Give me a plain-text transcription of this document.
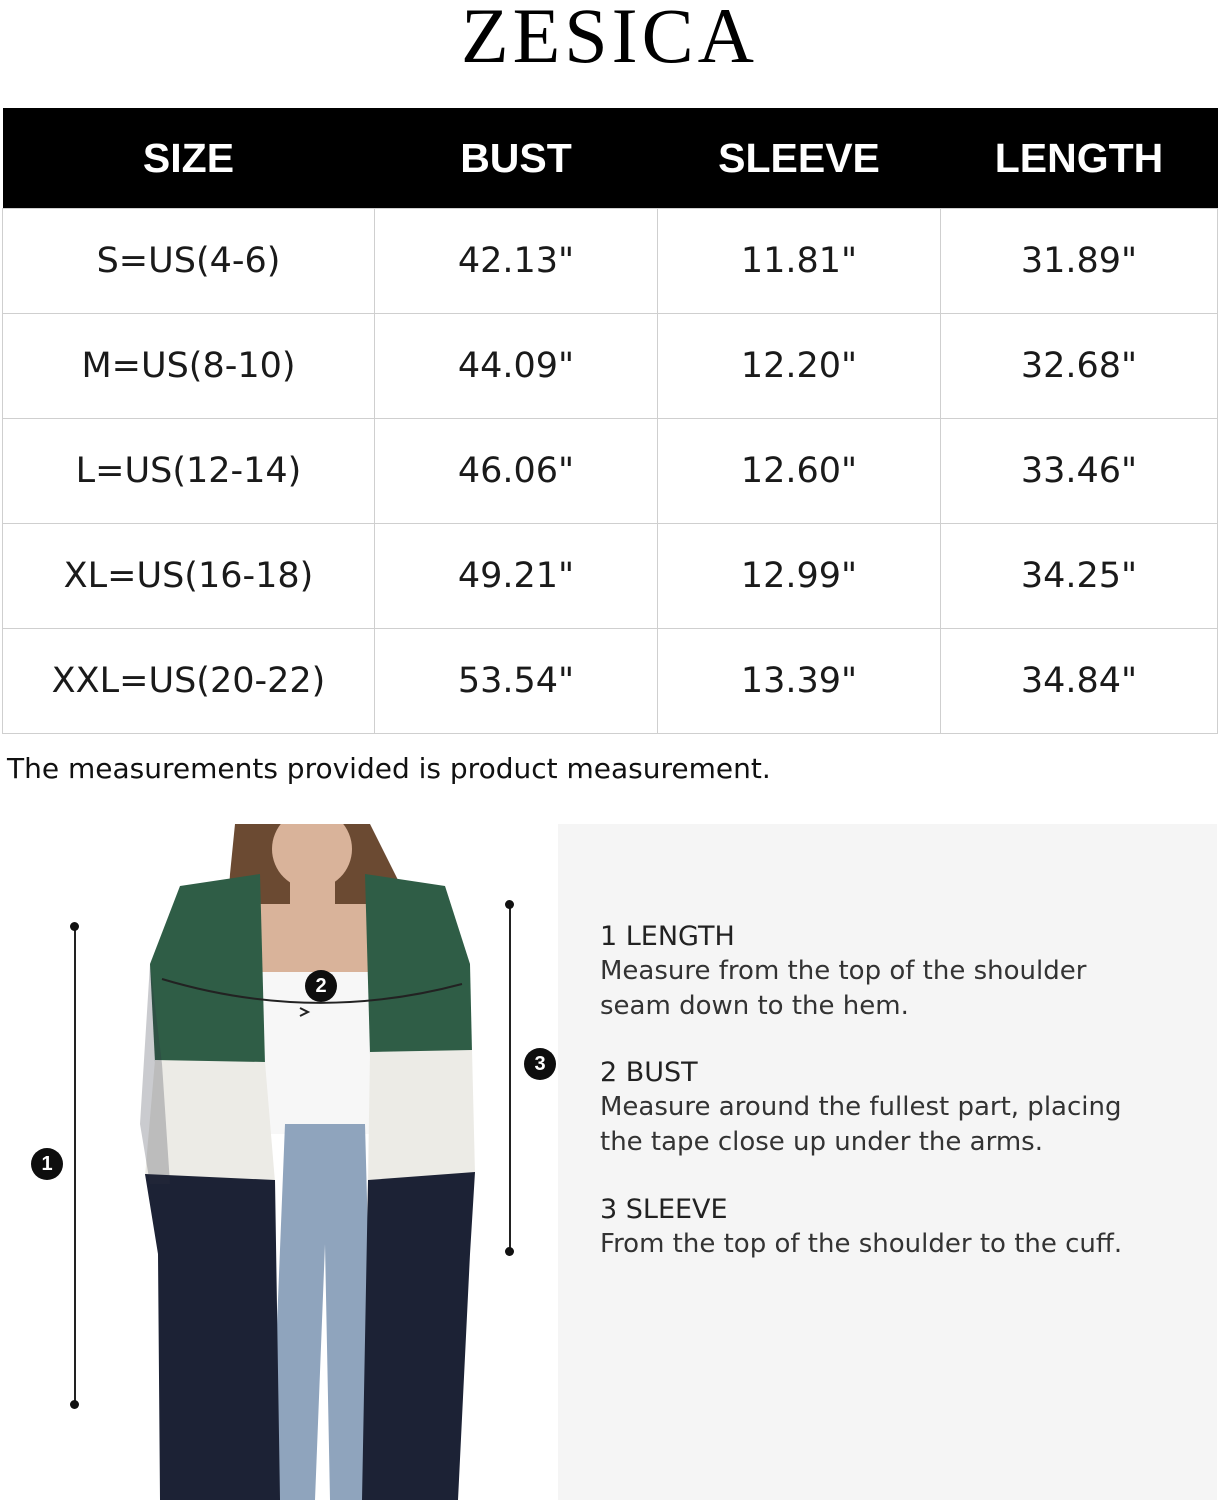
ZESICA
SIZE	BUST	SLEEVE	LENGTH
S=US(4-6)	42.13"	11.81"	31.89"
M=US(8-10)	44.09"	12.20"	32.68"
L=US(12-14)	46.06"	12.60"	33.46"
XL=US(16-18)	49.21"	12.99"	34.25"
XXL=US(20-22)	53.54"	13.39"	34.84"
The measurements provided is product measurement.
1
2
3
1 LENGTH
Measure from the top of the shoulder
seam down to the hem.
2 BUST
Measure around the fullest part, placing
the tape close up under the arms.
3 SLEEVE
From the top of the shoulder to the cuff.
